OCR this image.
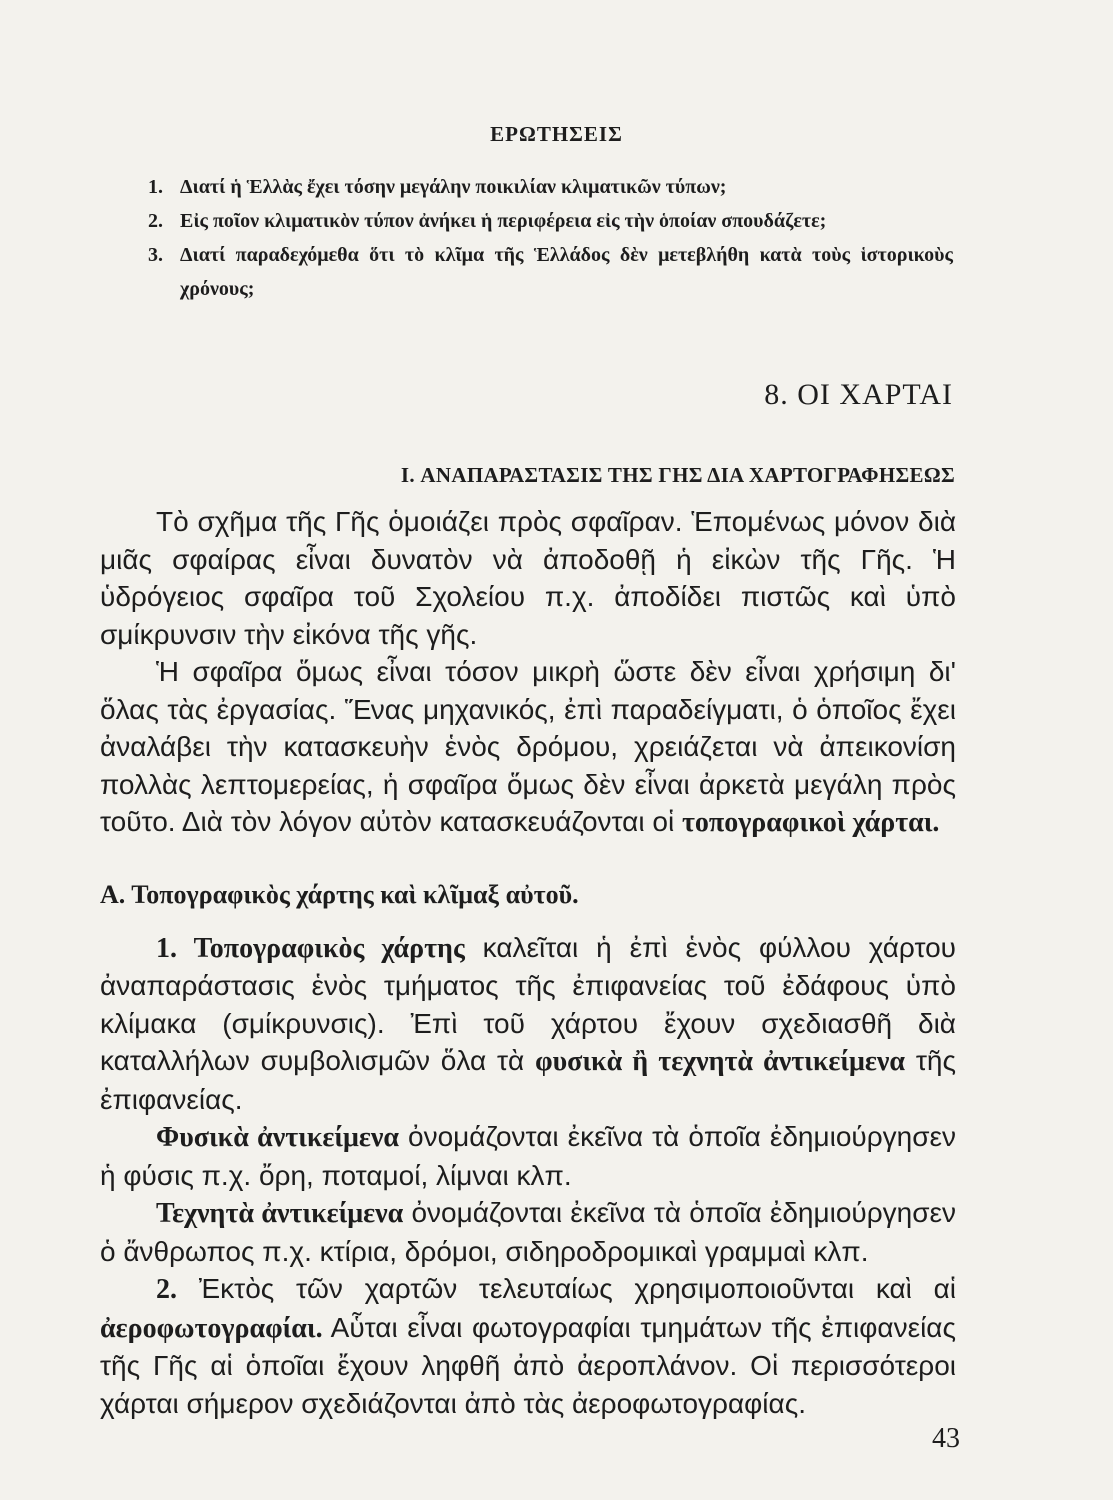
ΕΡΩΤΗΣΕΙΣ
1. Διατί ἡ Ἑλλὰς ἔχει τόσην μεγάλην ποικιλίαν κλιματικῶν τύπων;
2. Εἰς ποῖον κλιματικὸν τύπον ἀνήκει ἡ περιφέρεια εἰς τὴν ὁποίαν σπουδάζετε;
3. Διατί παραδεχόμεθα ὅτι τὸ κλῖμα τῆς Ἑλλάδος δὲν μετεβλήθη κατὰ τοὺς ἱστορικοὺς χρόνους;
8. ΟΙ ΧΑΡΤΑΙ
I. ΑΝΑΠΑΡΑΣΤΑΣΙΣ ΤΗΣ ΓΗΣ ΔΙΑ ΧΑΡΤΟΓΡΑΦΗΣΕΩΣ

Τὸ σχῆμα τῆς Γῆς ὁμοιάζει πρὸς σφαῖραν. Ἑπομένως μόνον διὰ μιᾶς σφαίρας εἶναι δυνατὸν νὰ ἀποδοθῇ ἡ εἰκὼν τῆς Γῆς. Ἡ ὑδρόγειος σφαῖρα τοῦ Σχολείου π.χ. ἀποδίδει πιστῶς καὶ ὑπὸ σμίκρυνσιν τὴν εἰκόνα τῆς γῆς.

Ἡ σφαῖρα ὅμως εἶναι τόσον μικρὴ ὥστε δὲν εἶναι χρήσιμη δι' ὅλας τὰς ἐργασίας. Ἕνας μηχανικός, ἐπὶ παραδείγματι, ὁ ὁποῖος ἔχει ἀναλάβει τὴν κατασκευὴν ἑνὸς δρόμου, χρειάζεται νὰ ἀπεικονίση πολλὰς λεπτομερείας, ἡ σφαῖρα ὅμως δὲν εἶναι ἀρκετὰ μεγάλη πρὸς τοῦτο. Διὰ τὸν λόγον αὐτὸν κατασκευάζονται οἱ τοπογραφικοὶ χάρται.

Α. Τοπογραφικὸς χάρτης καὶ κλῖμαξ αὐτοῦ.

1. Τοπογραφικὸς χάρτης καλεῖται ἡ ἐπὶ ἑνὸς φύλλου χάρτου ἀναπαράστασις ἑνὸς τμήματος τῆς ἐπιφανείας τοῦ ἐδάφους ὑπὸ κλίμακα (σμίκρυνσις). Ἐπὶ τοῦ χάρτου ἔχουν σχεδιασθῆ διὰ καταλλήλων συμβολισμῶν ὅλα τὰ φυσικὰ ἢ τεχνητὰ ἀντικείμενα τῆς ἐπιφανείας.

Φυσικὰ ἀντικείμενα ὀνομάζονται ἐκεῖνα τὰ ὁποῖα ἐδημιούργησεν ἡ φύσις π.χ. ὄρη, ποταμοί, λίμναι κλπ.

Τεχνητὰ ἀντικείμενα ὀνομάζονται ἐκεῖνα τὰ ὁποῖα ἐδημιούργησεν ὁ ἄνθρωπος π.χ. κτίρια, δρόμοι, σιδηροδρομικαὶ γραμμαὶ κλπ.

2. Ἐκτὸς τῶν χαρτῶν τελευταίως χρησιμοποιοῦνται καὶ αἱ ἀεροφωτογραφίαι. Αὗται εἶναι φωτογραφίαι τμημάτων τῆς ἐπιφανείας τῆς Γῆς αἱ ὁποῖαι ἔχουν ληφθῆ ἀπὸ ἀεροπλάνον. Οἱ περισσότεροι χάρται σήμερον σχεδιάζονται ἀπὸ τὰς ἀεροφωτογραφίας.

43
